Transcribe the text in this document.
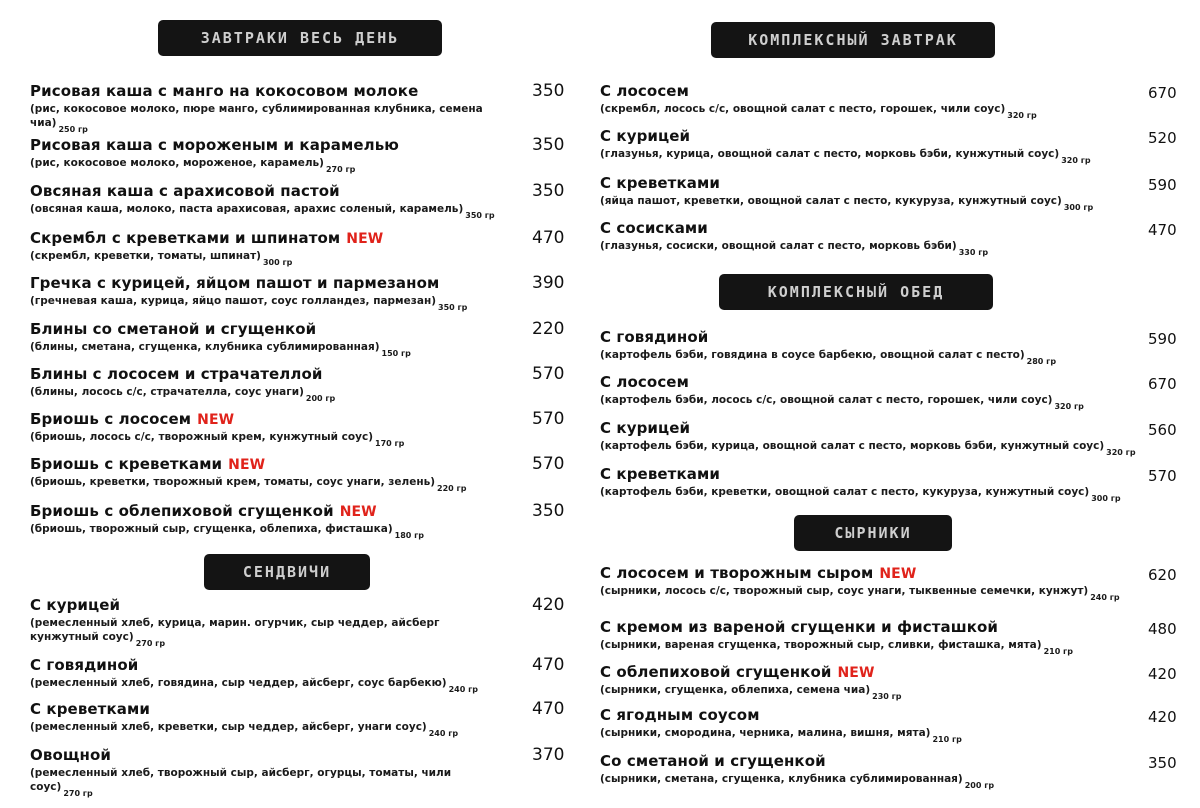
ЗАВТРАКИ ВЕСЬ ДЕНЬ
Рисовая каша с манго на кокосовом молоке
(рис, кокосовое молоко, пюре манго, сублимированная клубника, семена $чиа)_{250 гр}$
350
Рисовая каша с мороженым и карамелью
(рис, кокосовое молоко, мороженое, $карамель)_{270 гр}$
350
Овсяная каша с арахисовой пастой
(овсяная каша, молоко, паста арахисовая, арахис соленый, $карамель)_{350 гр}$
350
Скрембл с креветками и шпинатом NEW
(скрембл, креветки, томаты, $шпинат)_{300 гр}$
470
Гречка с курицей, яйцом пашот и пармезаном
(гречневая каша, курица, яйцо пашот, соус голландез, $пармезан)_{350 гр}$
390
Блины со сметаной и сгущенкой
(блины, сметана, сгущенка, клубника $сублимированная)_{150 гр}$
220
Блины с лососем и страчателлой
(блины, лосось с/с, страчателла, соус $унаги)_{200 гр}$
570
Бриошь с лососем NEW
(бриошь, лосось с/с, творожный крем, кунжутный $соус)_{170 гр}$
570
Бриошь с креветками NEW
(бриошь, креветки, творожный крем, томаты, соус унаги, $зелень)_{220 гр}$
570
Бриошь с облепиховой сгущенкой NEW
(бриошь, творожный сыр, сгущенка, облепиха, $фисташка)_{180 гр}$
350
СЕНДВИЧИ
С курицей
(ремесленный хлеб, курица, марин. огурчик, сыр чеддер, айсберг кунжутный $соус)_{270 гр}$
420
С говядиной
(ремесленный хлеб, говядина, сыр чеддер, айсберг, соус $барбекю)_{240 гр}$
470
С креветками
(ремесленный хлеб, креветки, сыр чеддер, айсберг, унаги $соус)_{240 гр}$
470
Овощной
(ремесленный хлеб, творожный сыр, айсберг, огурцы, томаты, чили $соус)_{270 гр}$
370
КОМПЛЕКСНЫЙ ЗАВТРАК
С лососем
(скрембл, лосось с/с, овощной салат с песто, горошек, чили $соус)_{320 гр}$
670
С курицей
(глазунья, курица, овощной салат с песто, морковь бэби, кунжутный $соус)_{320 гр}$
520
С креветками
(яйца пашот, креветки, овощной салат с песто, кукуруза, кунжутный $соус)_{300 гр}$
590
С сосисками
(глазунья, сосиски, овощной салат с песто, морковь $бэби)_{330 гр}$
470
КОМПЛЕКСНЫЙ ОБЕД
С говядиной
(картофель бэби, говядина в соусе барбекю, овощной салат с $песто)_{280 гр}$
590
С лососем
(картофель бэби, лосось с/с, овощной салат с песто, горошек, чили $соус)_{320 гр}$
670
С курицей
(картофель бэби, курица, овощной салат с песто, морковь бэби, кунжутный $соус)_{320 гр}$
560
С креветками
(картофель бэби, креветки, овощной салат с песто, кукуруза, кунжутный $соус)_{300 гр}$
570
СЫРНИКИ
С лососем и творожным сыром NEW
(сырники, лосось с/с, творожный сыр, соус унаги, тыквенные семечки, $кунжут)_{240 гр}$
620
С кремом из вареной сгущенки и фисташкой
(сырники, вареная сгущенка, творожный сыр, сливки, фисташка, $мята)_{210 гр}$
480
С облепиховой сгущенкой NEW
(сырники, сгущенка, облепиха, семена $чиа)_{230 гр}$
420
С ягодным соусом
(сырники, смородина, черника, малина, вишня, $мята)_{210 гр}$
420
Со сметаной и сгущенкой
(сырники, сметана, сгущенка, клубника $сублимированная)_{200 гр}$
350
